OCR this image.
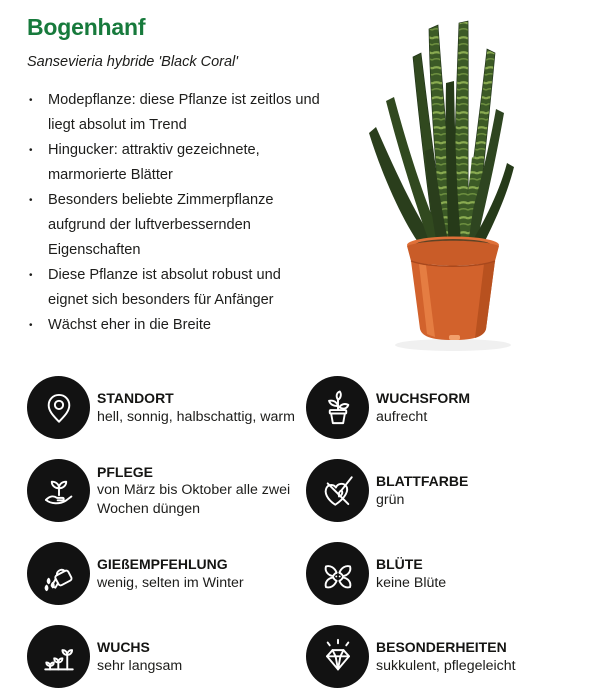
Bogenhanf

Sansevieria hybride 'Black Coral'

• Modepflanze: diese Pflanze ist zeitlos und liegt absolut im Trend
• Hingucker: attraktiv gezeichnete, marmorierte Blätter
• Besonders beliebte Zimmerpflanze aufgrund der luftverbessernden Eigenschaften
• Diese Pflanze ist absolut robust und eignet sich besonders für Anfänger
• Wächst eher in die Breite
STANDORT
hell, sonnig, halbschattig, warm
WUCHSFORM
aufrecht
PFLEGE
von März bis Oktober alle zwei Wochen düngen
BLATTFARBE
grün
GIEßEMPFEHLUNG
wenig, selten im Winter
BLÜTE
keine Blüte
WUCHS
sehr langsam
BESONDERHEITEN
sukkulent, pflegeleicht
